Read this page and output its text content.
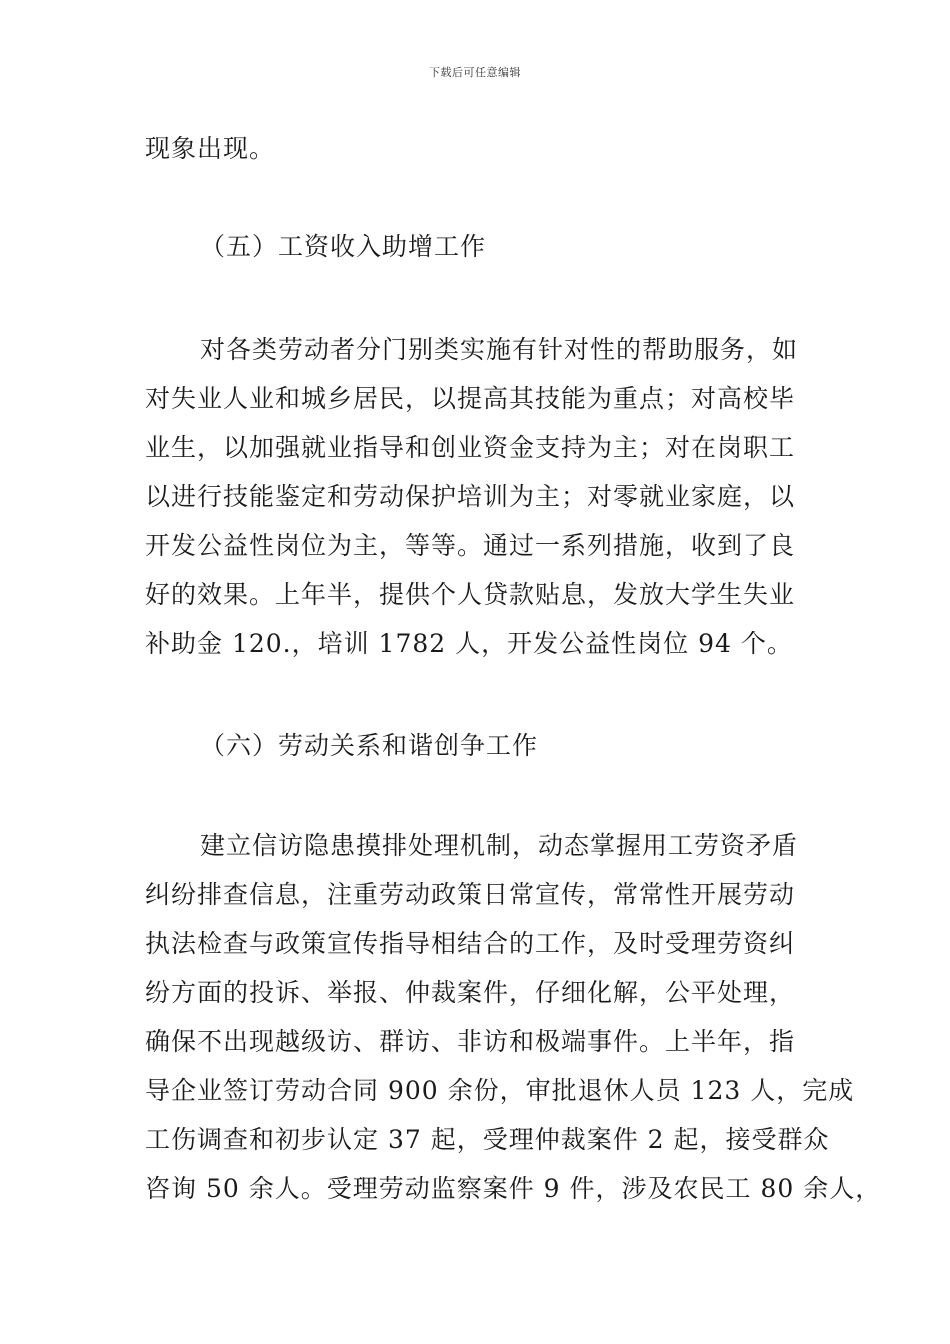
下载后可任意编辑
现象出现。
（五）工资收入助增工作
对各类劳动者分门别类实施有针对性的帮助服务，如
对失业人业和城乡居民，以提高其技能为重点；对高校毕
业生，以加强就业指导和创业资金支持为主；对在岗职工
以进行技能鉴定和劳动保护培训为主；对零就业家庭，以
开发公益性岗位为主，等等。通过一系列措施，收到了良
好的效果。上年半，提供个人贷款贴息，发放大学生失业
补助金 120.，培训 1782 人，开发公益性岗位 94 个。
（六）劳动关系和谐创争工作
建立信访隐患摸排处理机制，动态掌握用工劳资矛盾
纠纷排查信息，注重劳动政策日常宣传，常常性开展劳动
执法检查与政策宣传指导相结合的工作，及时受理劳资纠
纷方面的投诉、举报、仲裁案件，仔细化解，公平处理，
确保不出现越级访、群访、非访和极端事件。上半年，指
导企业签订劳动合同 900 余份，审批退休人员 123 人，完成
工伤调查和初步认定 37 起，受理仲裁案件 2 起，接受群众
咨询 50 余人。受理劳动监察案件 9 件，涉及农民工 80 余人，
